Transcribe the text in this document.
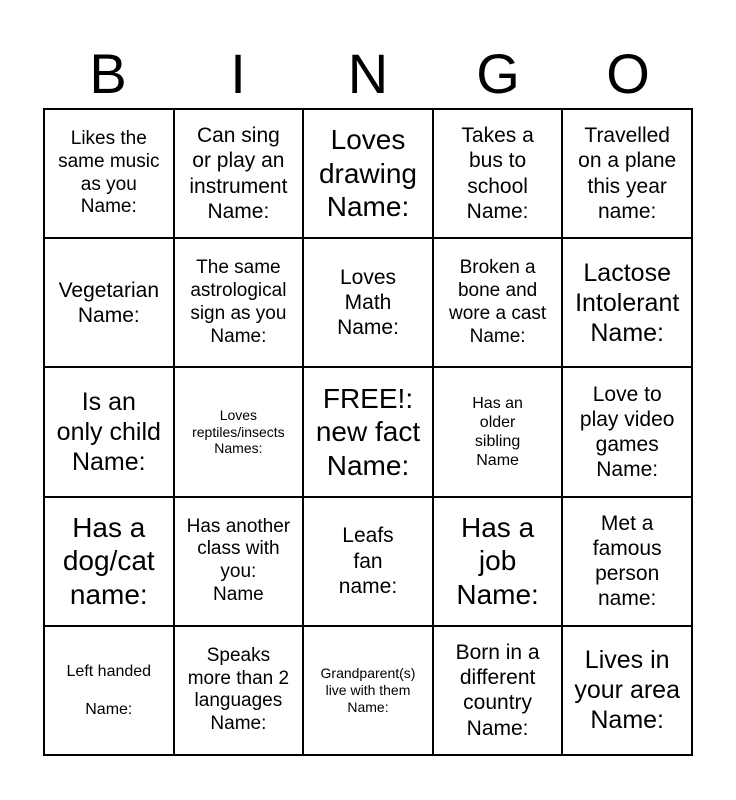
B	I	N	G	O
Likes the
same music
as you
Name:
Can sing
or play an
instrument
Name:
Loves
drawing
Name:
Takes a
bus to
school
Name:
Travelled
on a plane
this year
name:
Vegetarian
Name:
The same
astrological
sign as you
Name:
Loves
Math
Name:
Broken a
bone and
wore a cast
Name:
Lactose
Intolerant
Name:
Is an
only child
Name:
Loves
reptiles/insects
Names:
FREE!:
new fact
Name:
Has an
older
sibling
Name
Love to
play video
games
Name:
Has a
dog/cat
name:
Has another
class with
you:
Name
Leafs
fan
name:
Has a
job
Name:
Met a
famous
person
name:
Left handed

Name:
Speaks
more than 2
languages
Name:
Grandparent(s)
live with them
Name:
Born in a
different
country
Name:
Lives in
your area
Name:
